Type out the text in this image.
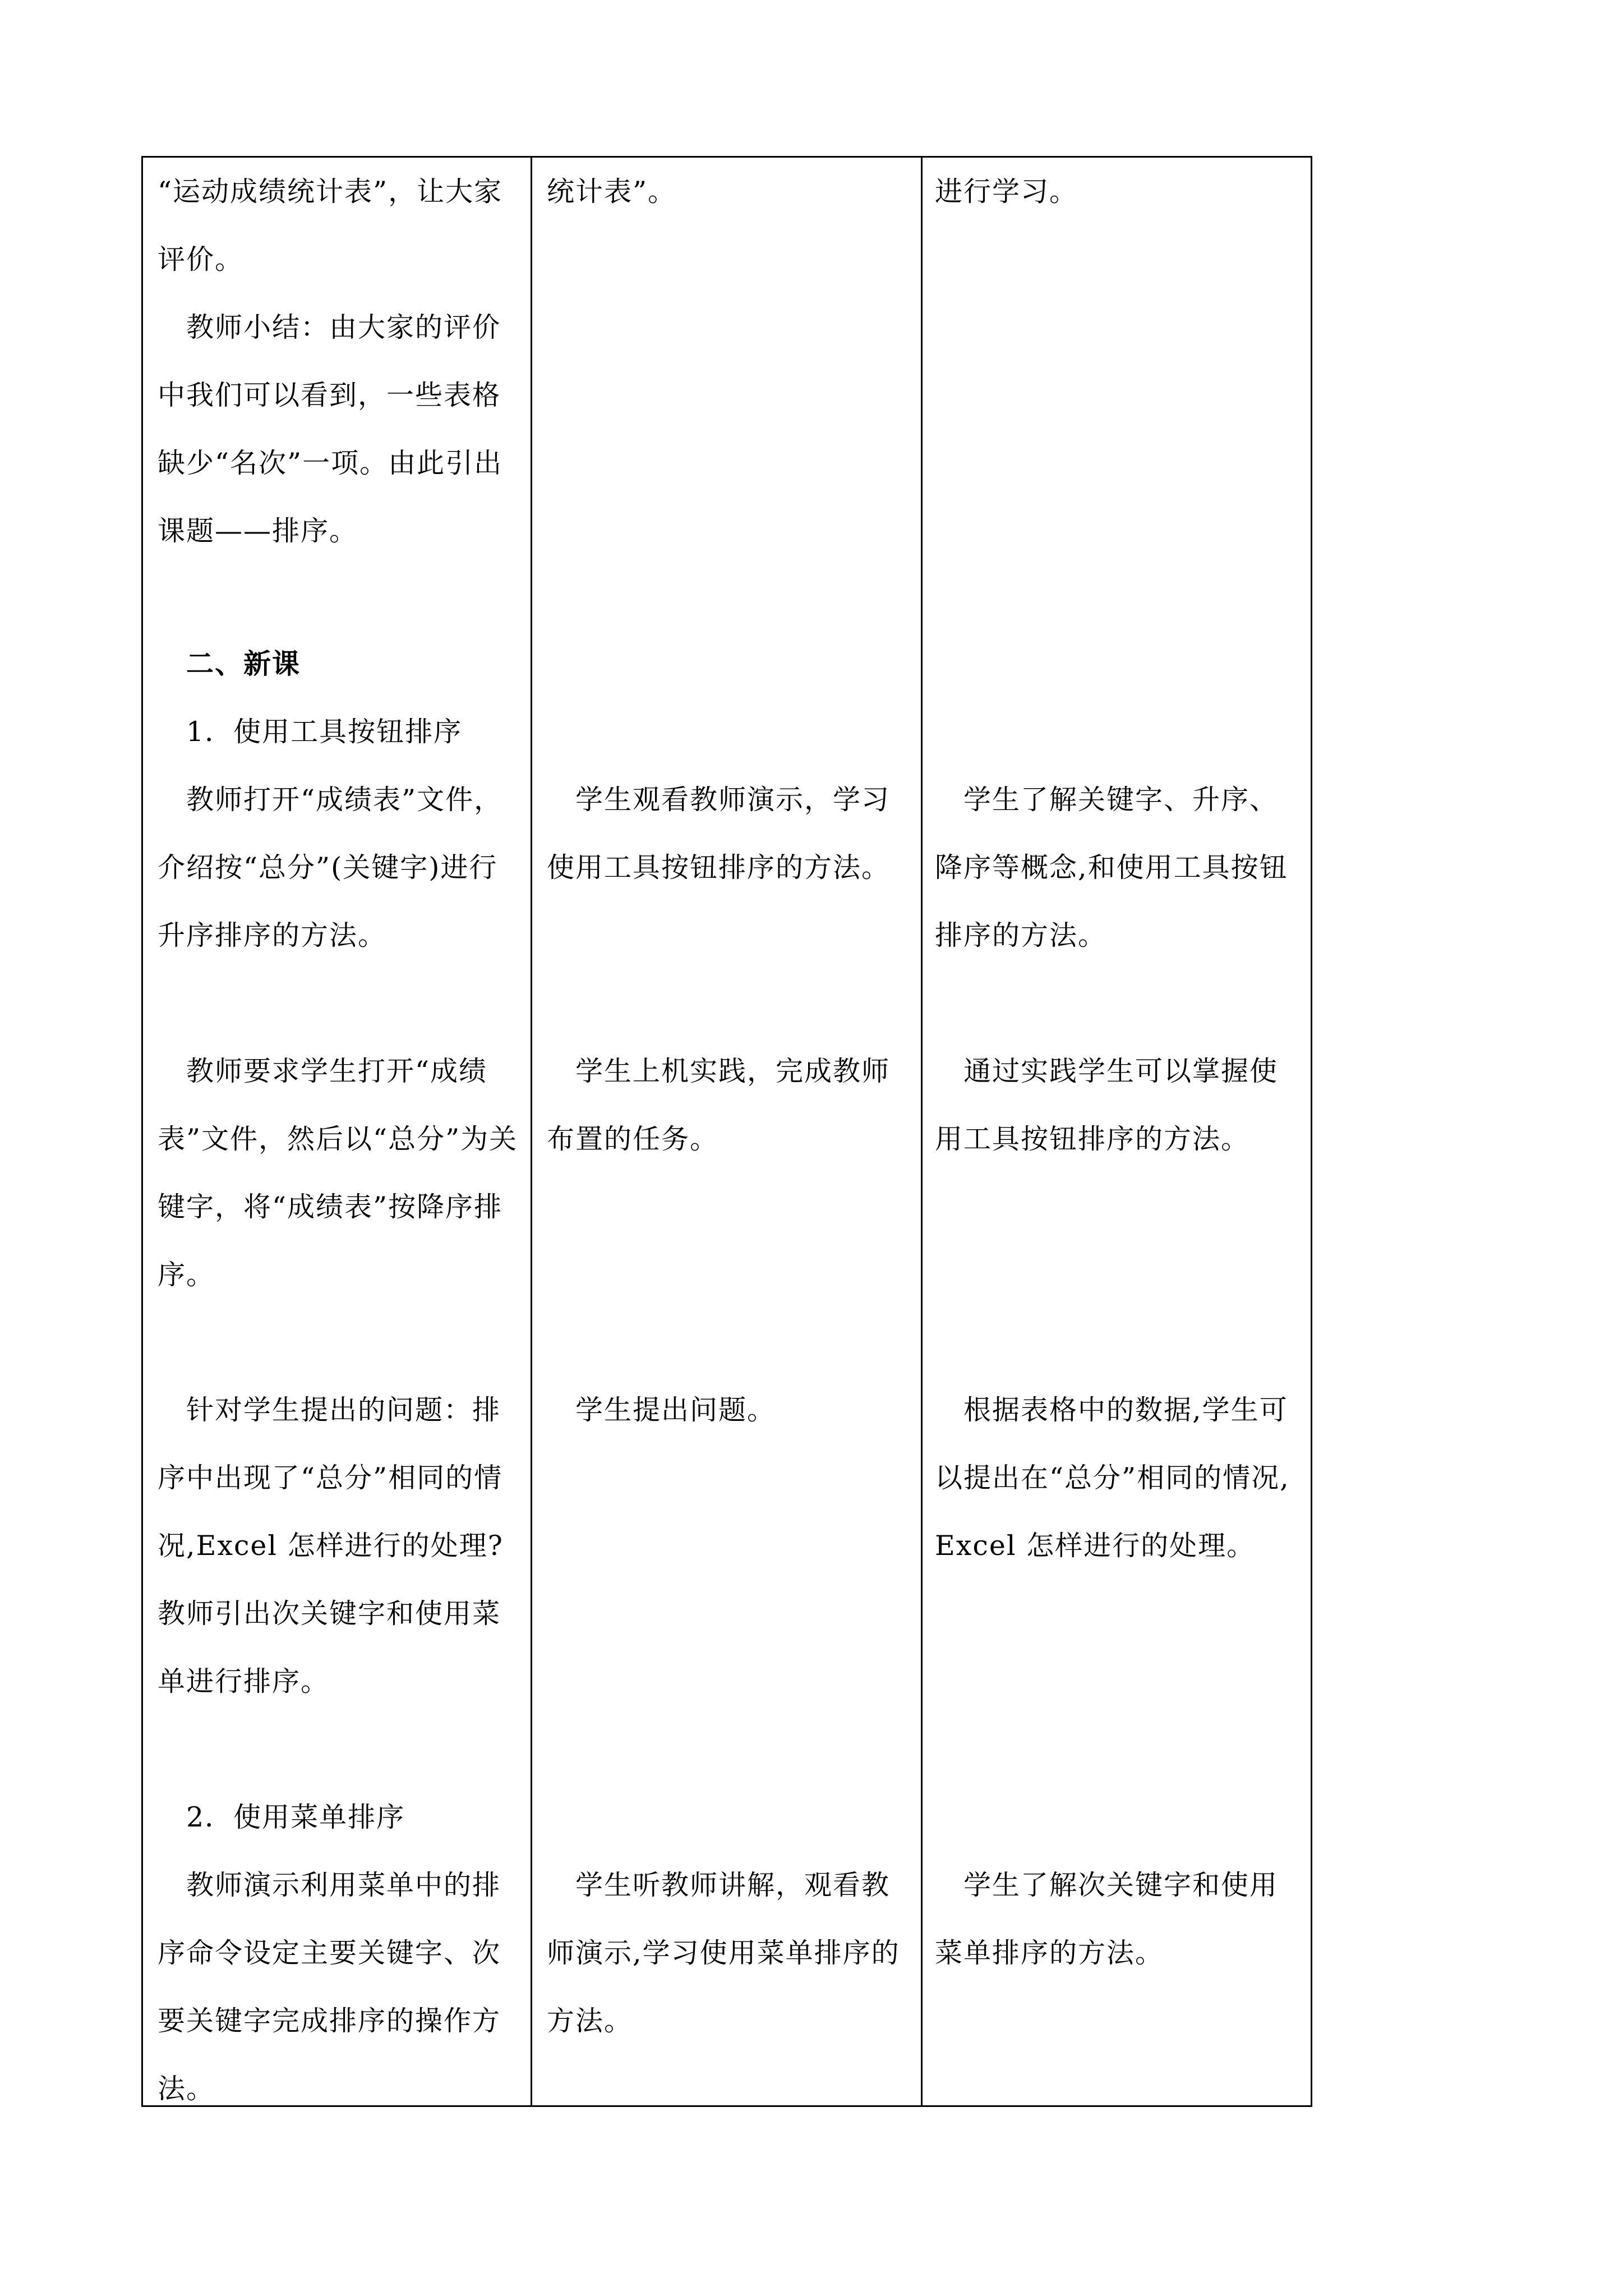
“运动成绩统计表”，让大家评价。

　教师小结：由大家的评价中我们可以看到，一些表格缺少“名次”一项。由此引出课题——排序。

　二、新课

　1．使用工具按钮排序

　教师打开“成绩表”文件，介绍按“总分”(关键字)进行升序排序的方法。

　教师要求学生打开“成绩表”文件，然后以“总分”为关键字，将“成绩表”按降序排序。

　针对学生提出的问题：排序中出现了“总分”相同的情况,Excel 怎样进行的处理?教师引出次关键字和使用菜单进行排序。

　2．使用菜单排序

　教师演示利用菜单中的排序命令设定主要关键字、次要关键字完成排序的操作方法。

统计表”。

　学生观看教师演示，学习使用工具按钮排序的方法。

　学生上机实践，完成教师布置的任务。

　学生提出问题。

　学生听教师讲解，观看教师演示,学习使用菜单排序的方法。

进行学习。

　学生了解关键字、升序、降序等概念,和使用工具按钮排序的方法。

　通过实践学生可以掌握使用工具按钮排序的方法。

　根据表格中的数据,学生可以提出在“总分”相同的情况,Excel 怎样进行的处理。

　学生了解次关键字和使用菜单排序的方法。
